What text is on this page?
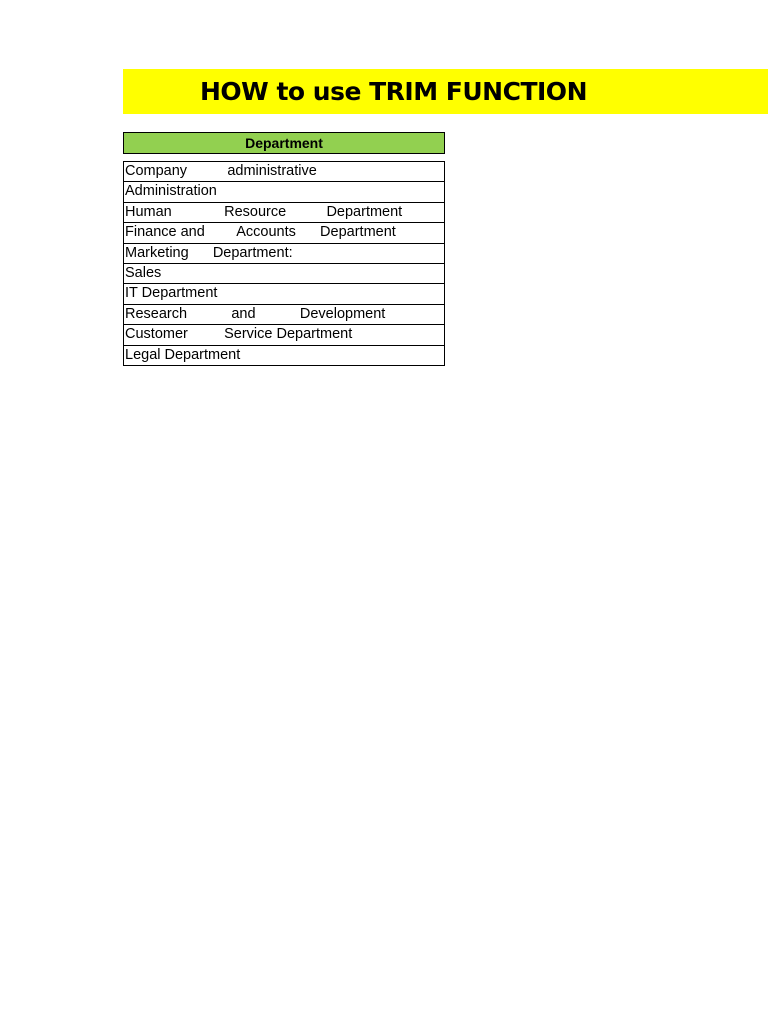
HOW to use TRIM FUNCTION
Department
Company          administrative
Administration
Human             Resource          Department
Finance and        Accounts      Department
Marketing      Department:
Sales
IT Department
Research           and           Development
Customer         Service Department
Legal Department
